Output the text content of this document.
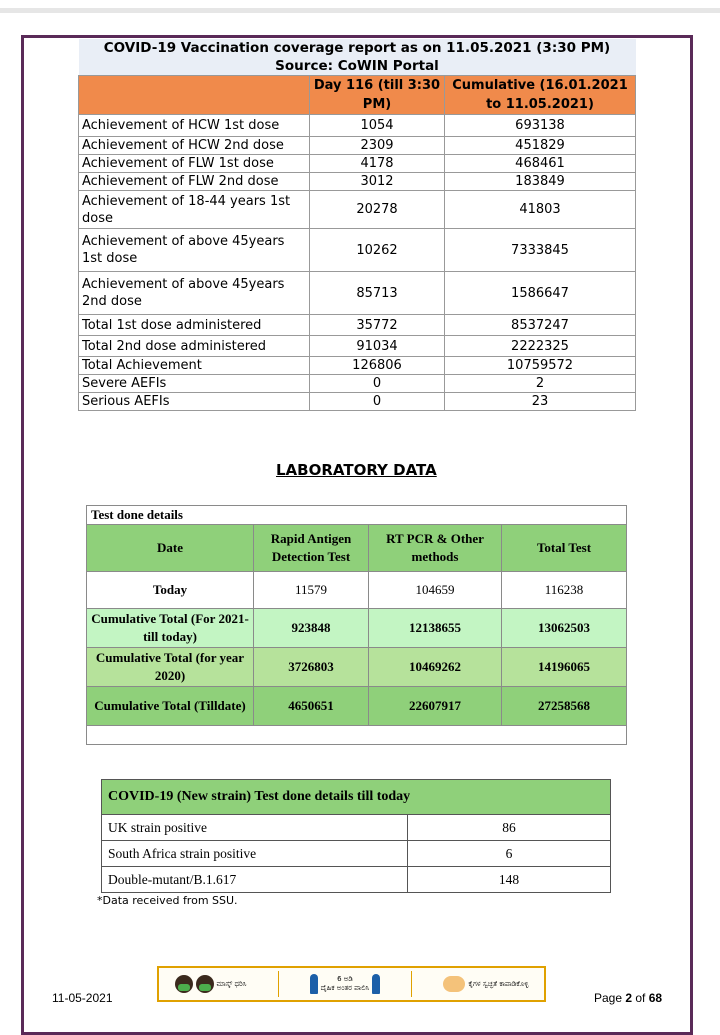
COVID-19 Vaccination coverage report as on 11.05.2021 (3:30 PM)		
Source: CoWIN Portal		
	Day 116 (till 3:30 PM)	Cumulative (16.01.2021 to 11.05.2021)
Achievement of HCW 1st dose	1054	693138
Achievement of HCW 2nd dose	2309	451829
Achievement of FLW 1st dose	4178	468461
Achievement of FLW 2nd dose	3012	183849
Achievement of 18-44 years 1st dose	20278	41803
Achievement of above 45years 1st dose	10262	7333845
Achievement of above 45years 2nd dose	85713	1586647
Total 1st dose administered	35772	8537247
Total 2nd dose administered	91034	2222325
Total Achievement	126806	10759572
Severe AEFIs	0	2
Serious AEFIs	0	23
LABORATORY DATA
Test done details			
Date	Rapid Antigen Detection Test	RT PCR & Other methods	Total Test
Today	11579	104659	116238
Cumulative Total (For 2021- till today)	923848	12138655	13062503
Cumulative Total (for year 2020)	3726803	10469262	14196065
Cumulative Total (Tilldate)	4650651	22607917	27258568

COVID-19 (New strain) Test done details till today	
UK strain positive	86
South Africa strain positive	6
Double-mutant/B.1.617	148
*Data received from SSU.
11-05-2021
ಮಾಸ್ಕ್ ಧರಿಸಿ
6 ಅಡಿ
ದೈಹಿಕ ಅಂತರ ಪಾಲಿಸಿ
ಕೈಗಳ ಸ್ವಚ್ಛತೆ ಕಾಪಾಡಿಕೊಳ್ಳಿ
Page 2 of 68
